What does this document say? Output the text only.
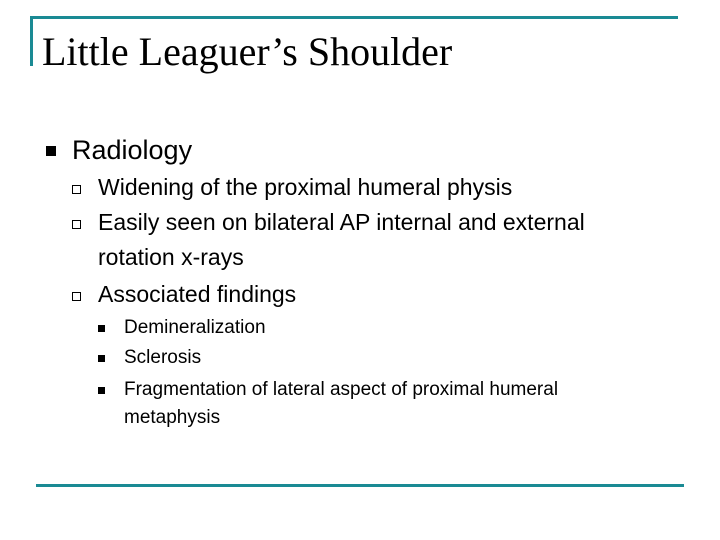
Little Leaguer’s Shoulder
Radiology
Widening of the proximal humeral physis
Easily seen on bilateral AP internal and external
rotation x-rays
Associated findings
Demineralization
Sclerosis
Fragmentation of lateral aspect of proximal humeral
metaphysis
